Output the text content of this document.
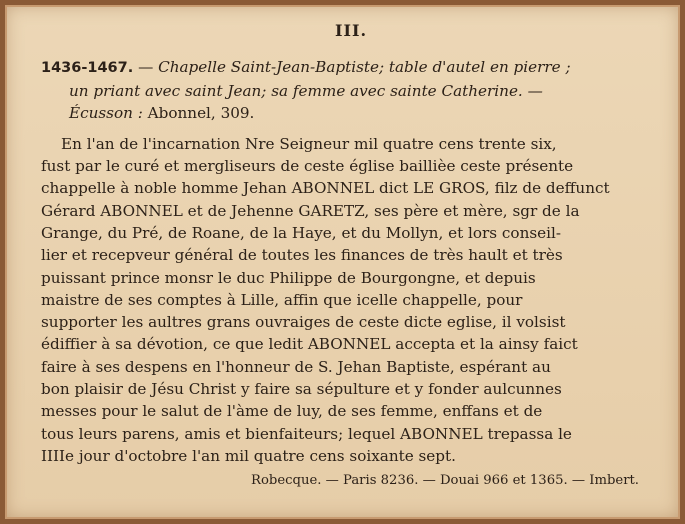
III.

1436-1467. — Chapelle Saint-Jean-Baptiste; table d'autel en pierre ;
un priant avec saint Jean; sa femme avec sainte Catherine. —
Écusson : Abonnel, 309.

En l'an de l'incarnation Nre Seigneur mil quatre cens trente six,
fust par le curé et mergliseurs de ceste église baillièe ceste présente
chappelle à noble homme Jehan ABONNEL dict LE GROS, filz de deffunct
Gérard ABONNEL et de Jehenne GARETZ, ses père et mère, sgr de la
Grange, du Pré, de Roane, de la Haye, et du Mollyn, et lors conseil-
lier et recepveur général de toutes les finances de très hault et très
puissant prince monsr le duc Philippe de Bourgongne, et depuis
maistre de ses comptes à Lille, affin que icelle chappelle, pour
supporter les aultres grans ouvraiges de ceste dicte eglise, il volsist
édiffier à sa dévotion, ce que ledit ABONNEL accepta et la ainsy faict
faire à ses despens en l'honneur de S. Jehan Baptiste, espérant au
bon plaisir de Jésu Christ y faire sa sépulture et y fonder aulcunnes
messes pour le salut de l'àme de luy, de ses femme, enffans et de
tous leurs parens, amis et bienfaiteurs; lequel ABONNEL trepassa le
IIIIe jour d'octobre l'an mil quatre cens soixante sept.
Robecque. — Paris 8236. — Douai 966 et 1365. — Imbert.
